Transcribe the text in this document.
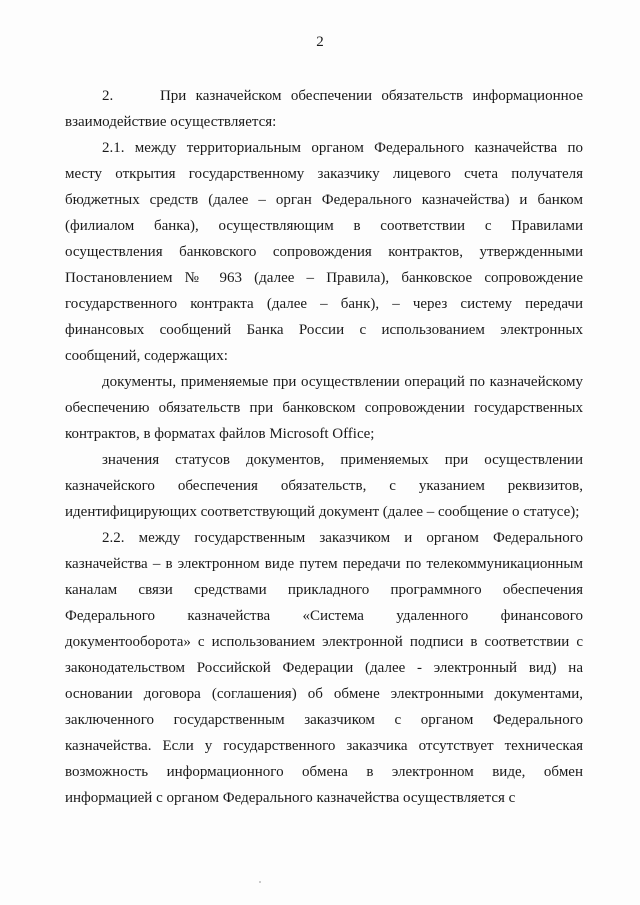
2

2.     При казначейском обеспечении обязательств информационное взаимодействие осуществляется:

2.1. между территориальным органом Федерального казначейства по месту открытия государственному заказчику лицевого счета получателя бюджетных средств (далее – орган Федерального казначейства) и банком (филиалом банка), осуществляющим в соответствии с Правилами осуществления банковского сопровождения контрактов, утвержденными Постановлением № 963 (далее – Правила), банковское сопровождение государственного контракта (далее – банк), – через систему передачи финансовых сообщений Банка России с использованием электронных сообщений, содержащих:

документы, применяемые при осуществлении операций по казначейскому обеспечению обязательств при банковском сопровождении государственных контрактов, в форматах файлов Microsoft Office;

значения статусов документов, применяемых при осуществлении казначейского обеспечения обязательств, с указанием реквизитов, идентифицирующих соответствующий документ (далее – сообщение о статусе);

2.2. между государственным заказчиком и органом Федерального казначейства – в электронном виде путем передачи по телекоммуникационным каналам связи средствами прикладного программного обеспечения Федерального казначейства «Система удаленного финансового документооборота» с использованием электронной подписи в соответствии с законодательством Российской Федерации (далее - электронный вид) на основании договора (соглашения) об обмене электронными документами, заключенного государственным заказчиком с органом Федерального казначейства. Если у государственного заказчика отсутствует техническая возможность информационного обмена в электронном виде, обмен информацией с органом Федерального казначейства осуществляется с
